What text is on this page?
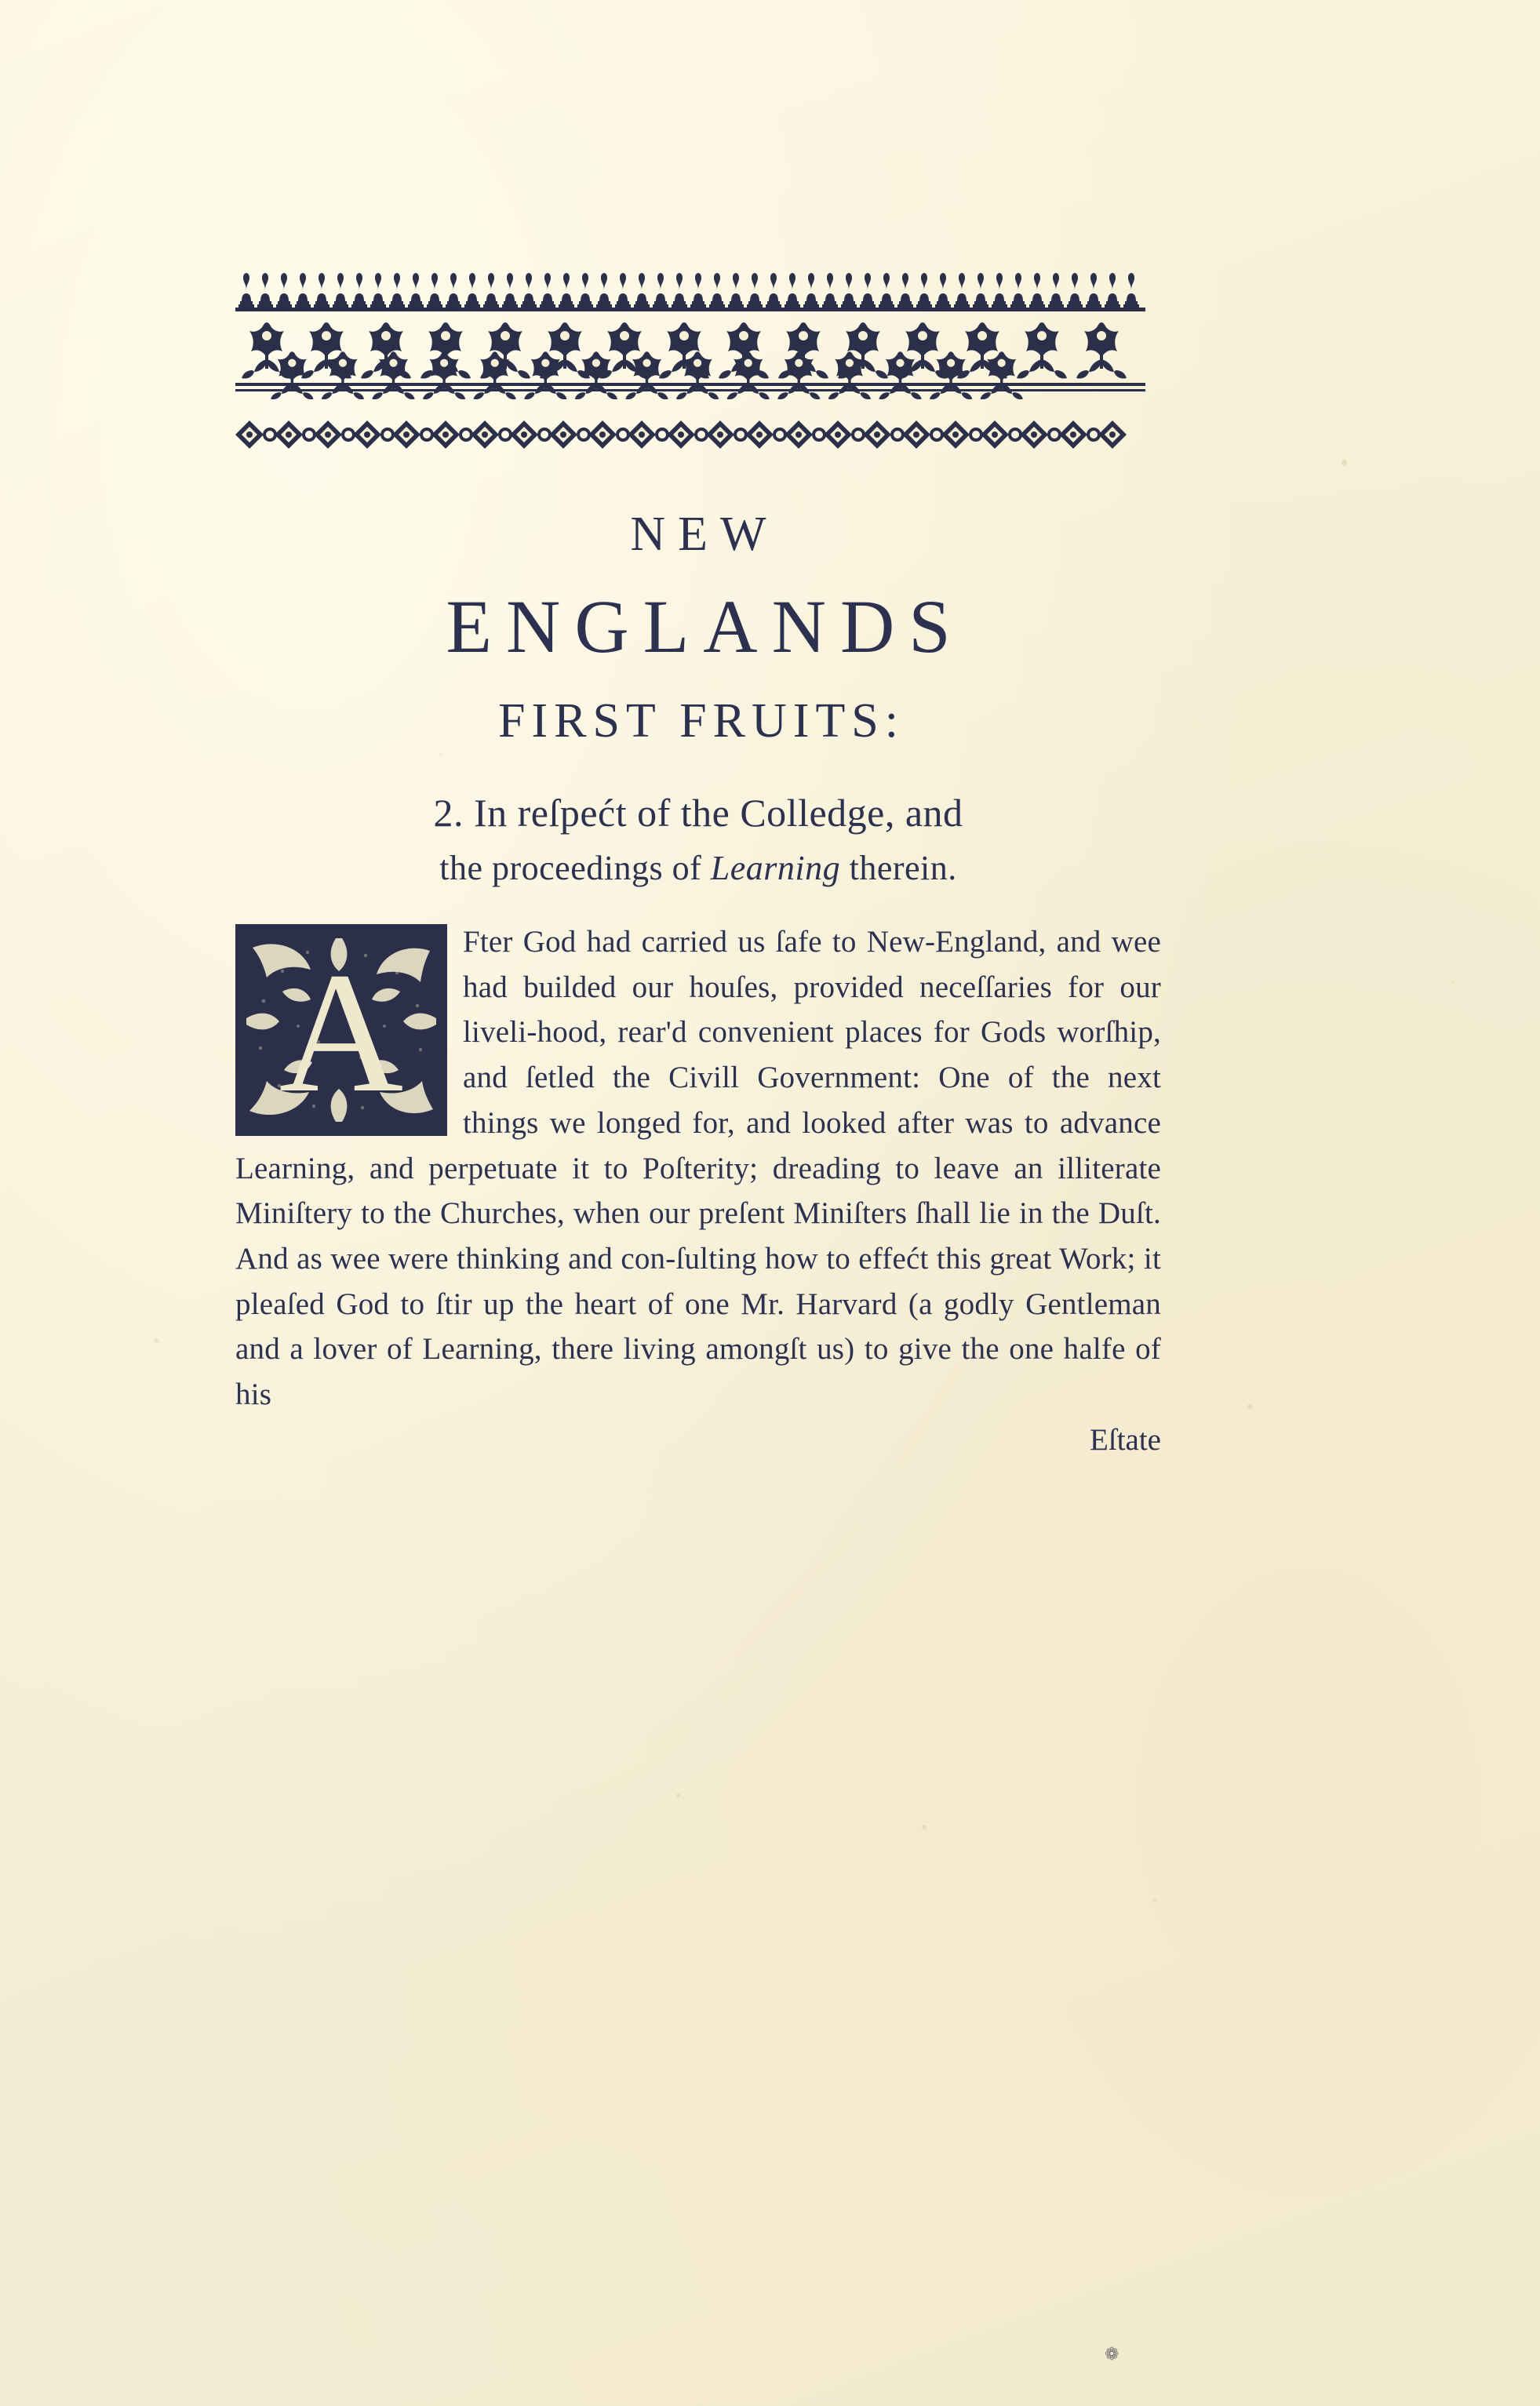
NEW
ENGLANDS
FIRST FRUITS:
2. In reſpećt of the Colledge, and
the proceedings of Learning therein.
A	Fter God had carried us ſafe to New-England, and wee had builded our houſes, provided neceſſaries for our liveli-hood, rear'd convenient places for Gods worſhip, and ſetled the Civill Government: One of the next things we longed for, and looked after was to advance Learning, and perpetuate it to Poſterity; dreading to leave an illiterate Miniſtery to the Churches, when our preſent Miniſters ſhall lie in the Duſt. And as wee were thinking and con-ſulting how to effećt this great Work; it pleaſed God to ſtir up the heart of one Mr. Harvard (a godly Gentleman and a lover of Learning, there living amongſt us) to give the one halfe of his

Eſtate
❁
